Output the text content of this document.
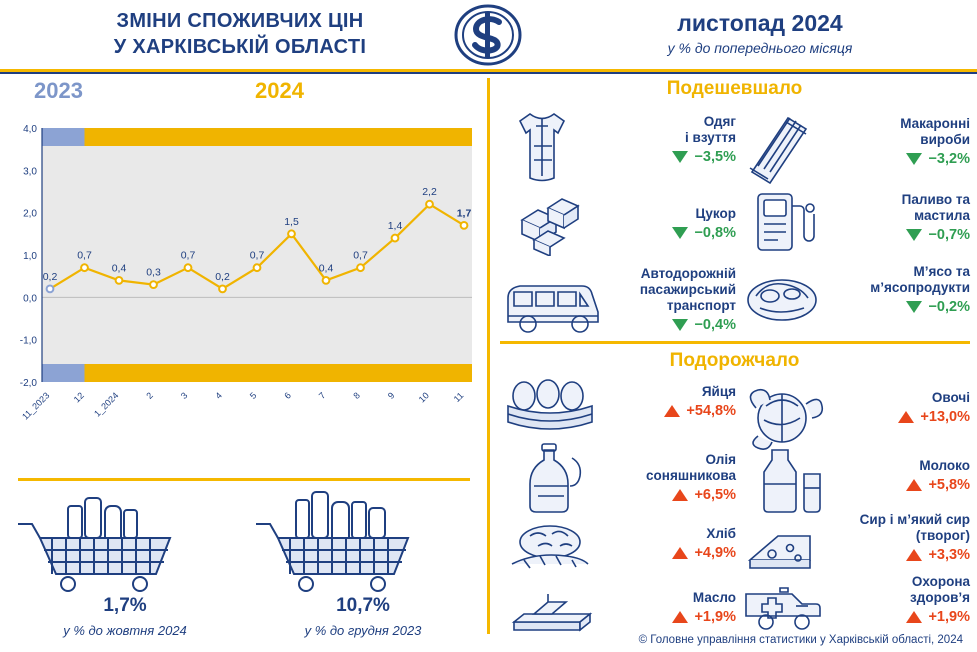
ЗМІНИ СПОЖИВЧИХ ЦІН
У ХАРКІВСЬКІЙ ОБЛАСТІ
листопад 2024
у % до попереднього місяця
2023	2024
4,0
3,0
2,0
1,0
0,0
-1,0
-2,0
0,2
0,7
0,4 0,3
0,7
0,2
0,7
1,5
0,4
0,7
1,4
2,2
1,7
11_2023 12 1_2024	2	3	4	5	6	7	8	9 10 11
1,7%
у % до жовтня 2024
10,7%
у % до грудня 2023
Подешевшало
Одяг
і взуття
−3,5%
Макаронні
вироби
−3,2%
Цукор
−0,8%
Паливо та
мастила
−0,7%
Автодорожній
пасажирський
транспорт
−0,4%
М’ясо та
м’ясопродукти
−0,2%
Подорожчало
Яйця
+54,8%
Овочі
+13,0%
Олія
соняшникова
+6,5%
Молоко
+5,8%
Хліб
+4,9%
Сир і м’який сир
(творог)
+3,3%
Масло
+1,9%
Охорона
здоров’я
+1,9%
© Головне управління статистики у Харківській області, 2024
